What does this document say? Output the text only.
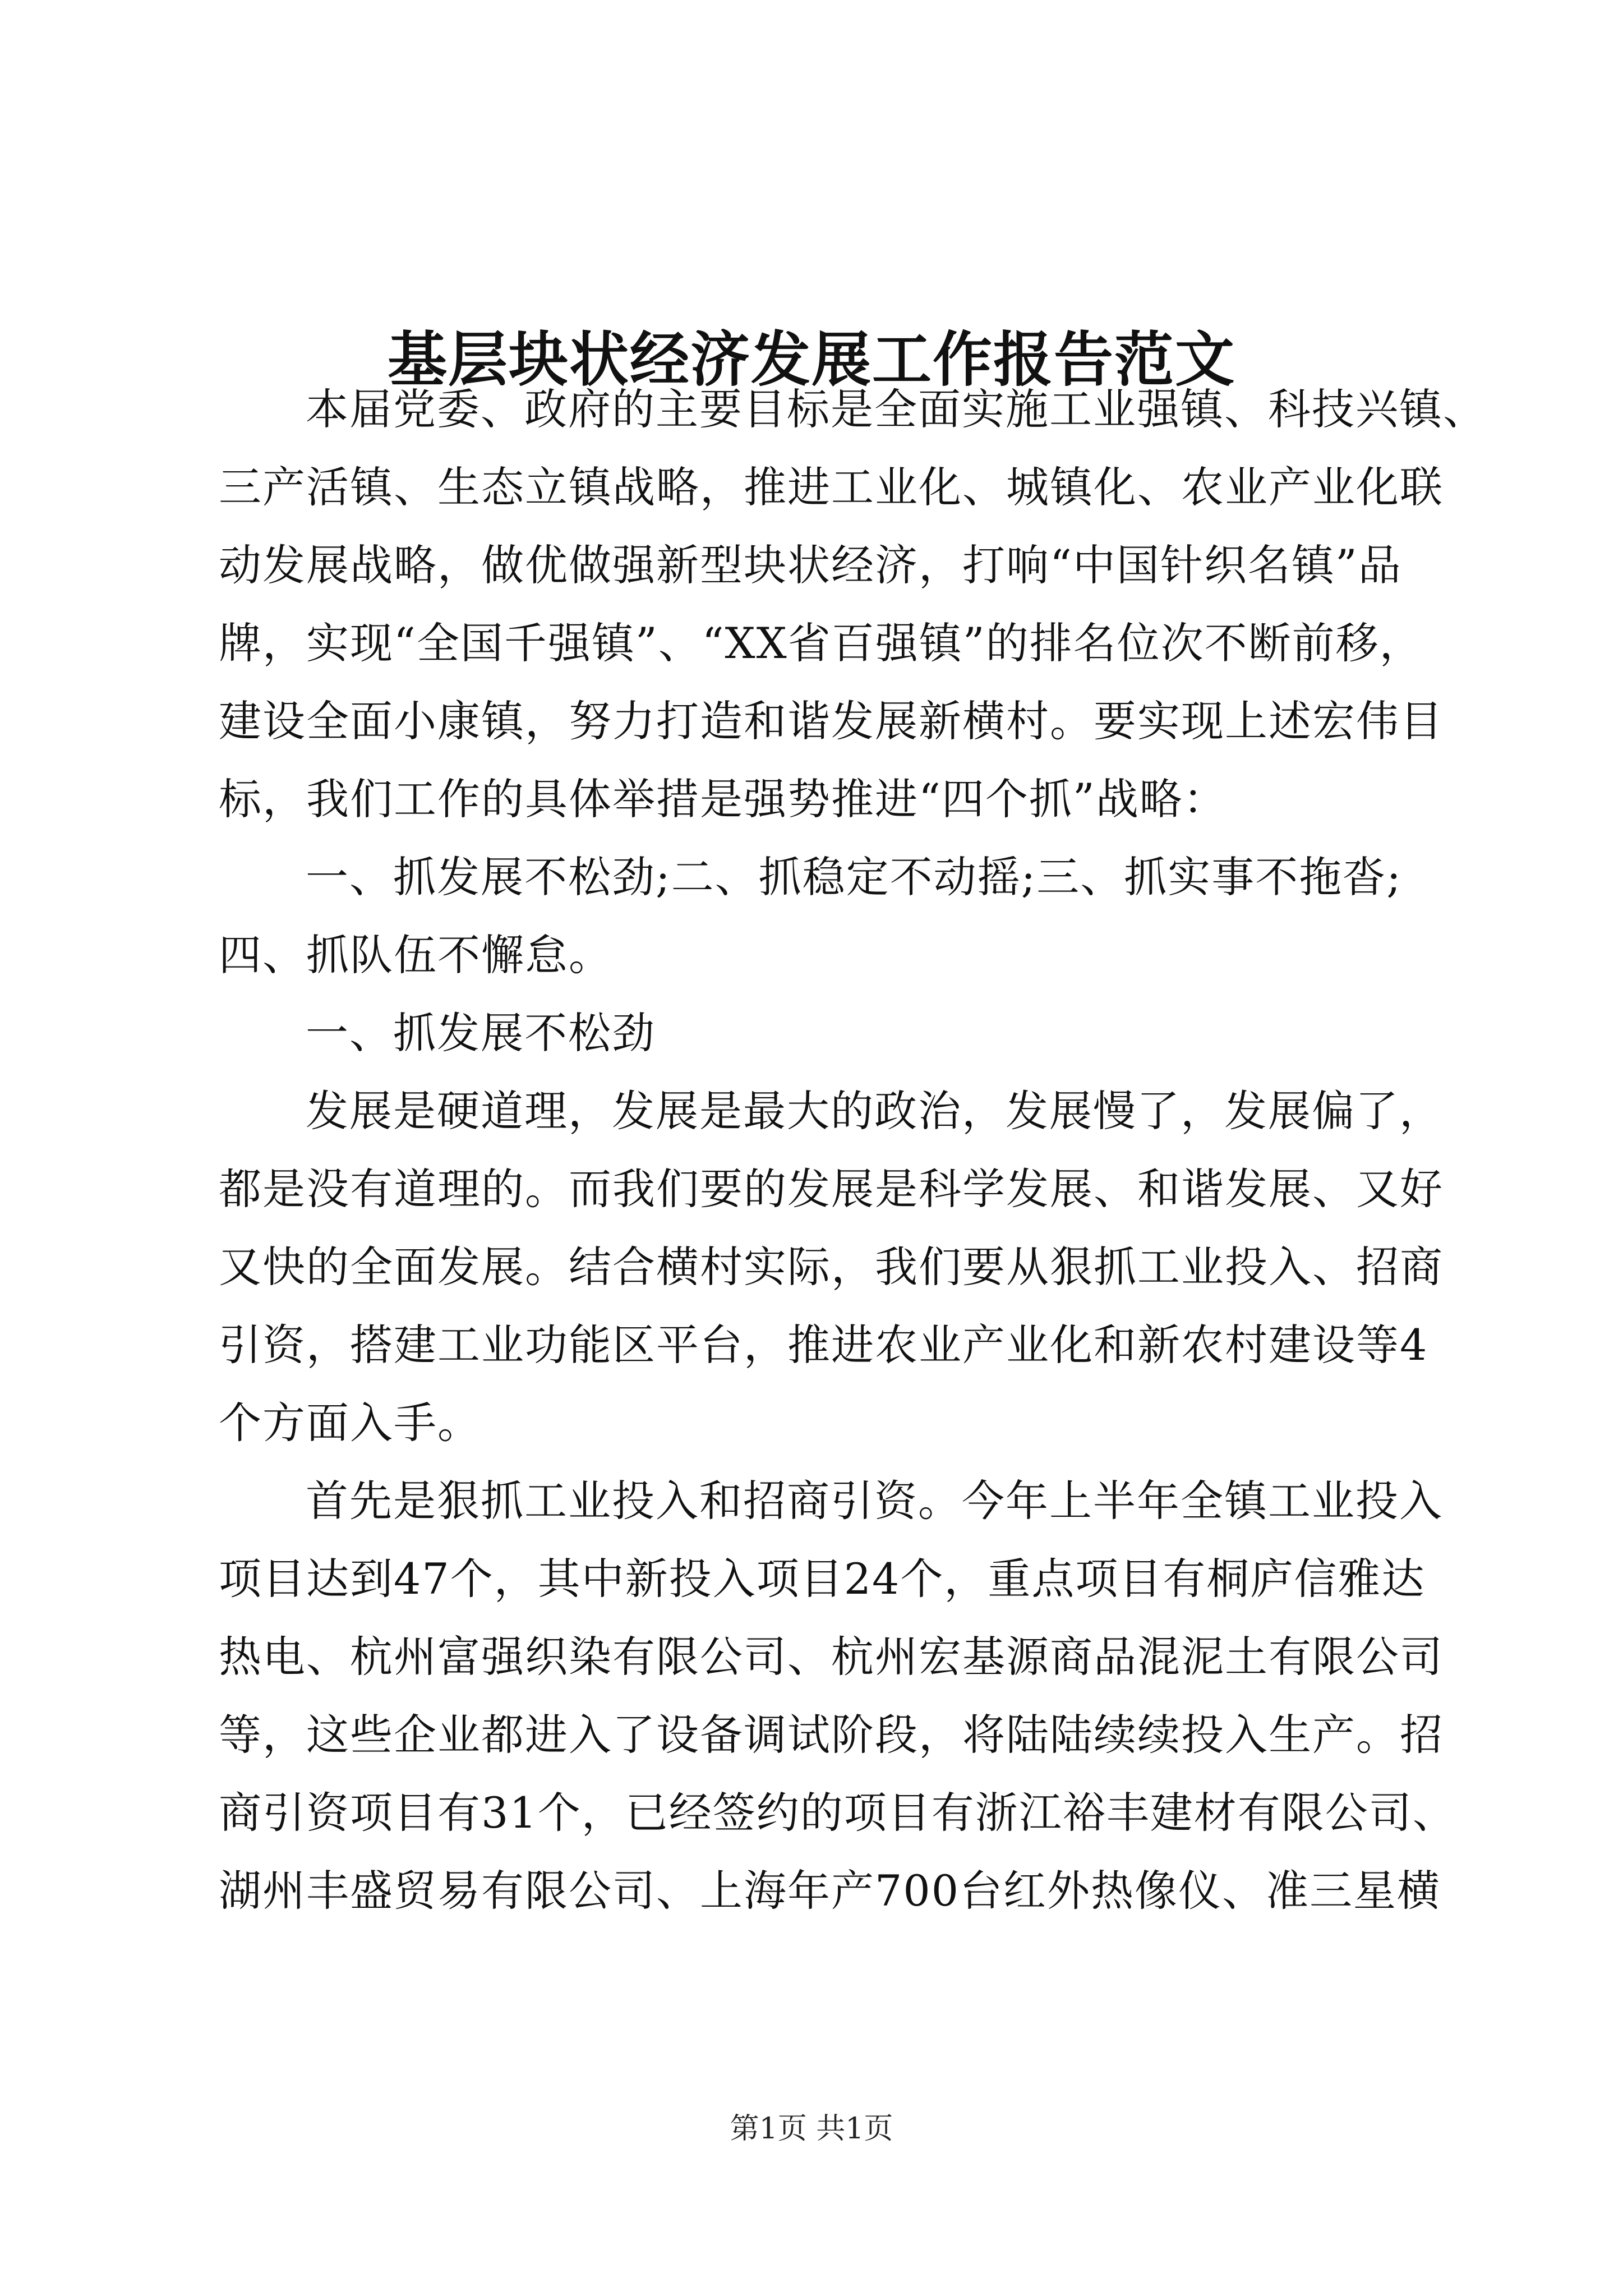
基层块状经济发展工作报告范文
本届党委、政府的主要目标是全面实施工业强镇、科技兴镇、
三产活镇、生态立镇战略，推进工业化、城镇化、农业产业化联
动发展战略，做优做强新型块状经济，打响“中国针织名镇”品
牌，实现“全国千强镇”、“XX省百强镇”的排名位次不断前移，
建设全面小康镇，努力打造和谐发展新横村。要实现上述宏伟目
标，我们工作的具体举措是强势推进“四个抓”战略：
一、抓发展不松劲;二、抓稳定不动摇;三、抓实事不拖沓;
四、抓队伍不懈怠。
一、抓发展不松劲
发展是硬道理，发展是最大的政治，发展慢了，发展偏了，
都是没有道理的。而我们要的发展是科学发展、和谐发展、又好
又快的全面发展。结合横村实际，我们要从狠抓工业投入、招商
引资，搭建工业功能区平台，推进农业产业化和新农村建设等4
个方面入手。
首先是狠抓工业投入和招商引资。今年上半年全镇工业投入
项目达到47个，其中新投入项目24个，重点项目有桐庐信雅达
热电、杭州富强织染有限公司、杭州宏基源商品混泥土有限公司
等，这些企业都进入了设备调试阶段，将陆陆续续投入生产。招
商引资项目有31个，已经签约的项目有浙江裕丰建材有限公司、
湖州丰盛贸易有限公司、上海年产700台红外热像仪、准三星横
第1页 共1页
